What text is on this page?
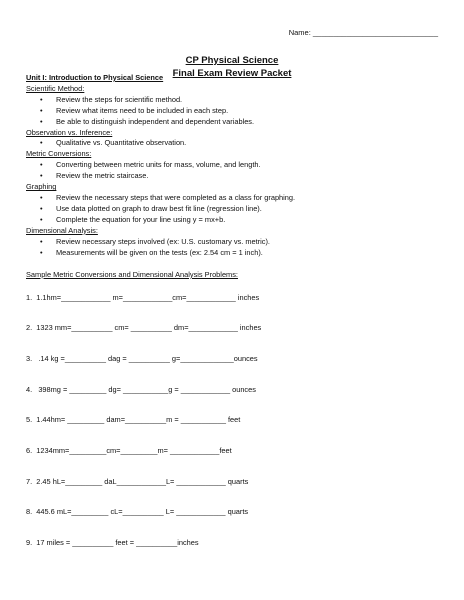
Name: ______________________________
CP Physical Science
Final Exam Review Packet
Unit I: Introduction to Physical Science
Scientific Method:
• Review the steps for scientific method.
• Review what items need to be included in each step.
• Be able to distinguish independent and dependent variables.
Observation vs. Inference:
• Qualitative vs. Quantitative observation.
Metric Conversions:
• Converting between metric units for mass, volume, and length.
• Review the metric staircase.
Graphing
• Review the necessary steps that were completed as a class for graphing.
• Use data plotted on graph to draw best fit line (regression line).
• Complete the equation for your line using y = mx+b.
Dimensional Analysis:
• Review necessary steps involved (ex: U.S. customary vs. metric).
• Measurements will be given on the tests (ex: 2.54 cm = 1 inch).
Sample Metric Conversions and Dimensional Analysis Problems:
1.  1.1hm=____________ m=____________cm=____________ inches
2.  1323 mm=__________ cm= __________ dm=____________ inches
3.   .14 kg =__________ dag = __________ g=_____________ounces
4.   398mg = _________ dg= ___________g = ____________ ounces
5.  1.44hm= _________ dam=__________m = ___________ feet
6.  1234mm=_________cm=_________m= ____________feet
7.  2.45 hL=_________ daL____________L= ____________ quarts
8.  445.6 mL=_________ cL=__________ L= ____________ quarts
9.  17 miles = __________ feet = __________inches
